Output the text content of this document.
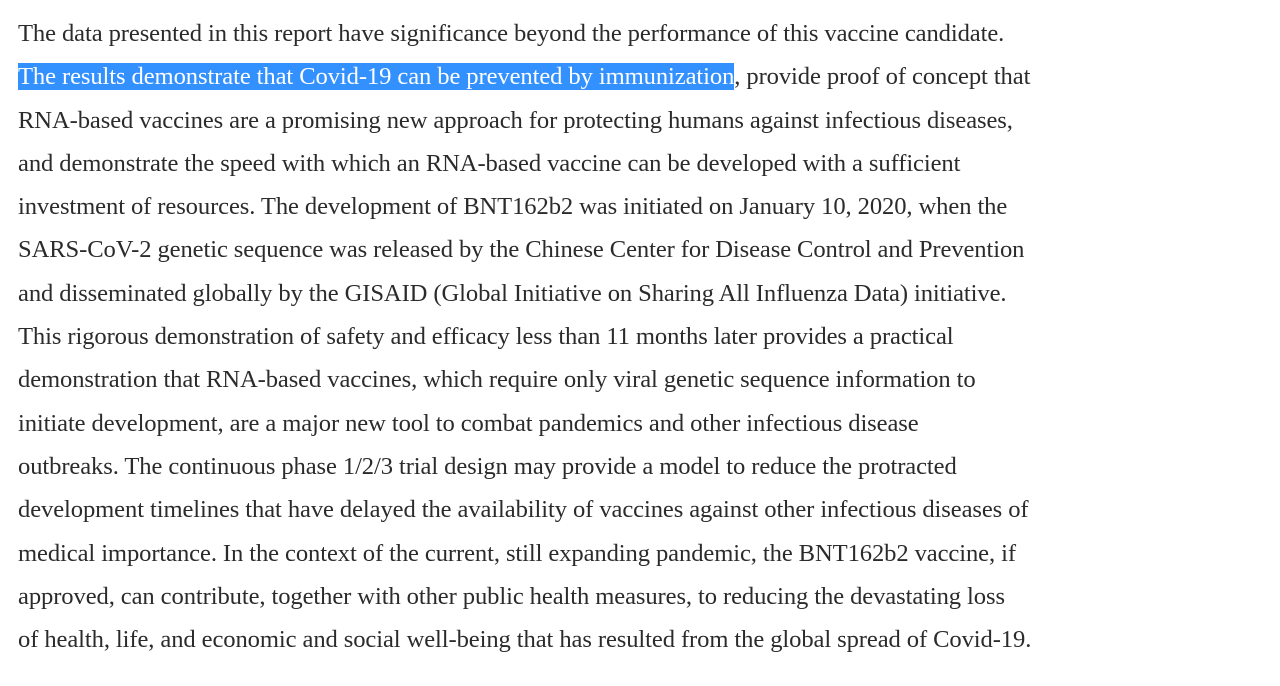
The data presented in this report have significance beyond the performance of this vaccine candidate.
The results demonstrate that Covid-19 can be prevented by immunization, provide proof of concept that
RNA-based vaccines are a promising new approach for protecting humans against infectious diseases,
and demonstrate the speed with which an RNA-based vaccine can be developed with a sufficient
investment of resources. The development of BNT162b2 was initiated on January 10, 2020, when the
SARS-CoV-2 genetic sequence was released by the Chinese Center for Disease Control and Prevention
and disseminated globally by the GISAID (Global Initiative on Sharing All Influenza Data) initiative.
This rigorous demonstration of safety and efficacy less than 11 months later provides a practical
demonstration that RNA-based vaccines, which require only viral genetic sequence information to
initiate development, are a major new tool to combat pandemics and other infectious disease
outbreaks. The continuous phase 1/2/3 trial design may provide a model to reduce the protracted
development timelines that have delayed the availability of vaccines against other infectious diseases of
medical importance. In the context of the current, still expanding pandemic, the BNT162b2 vaccine, if
approved, can contribute, together with other public health measures, to reducing the devastating loss
of health, life, and economic and social well-being that has resulted from the global spread of Covid-19.
